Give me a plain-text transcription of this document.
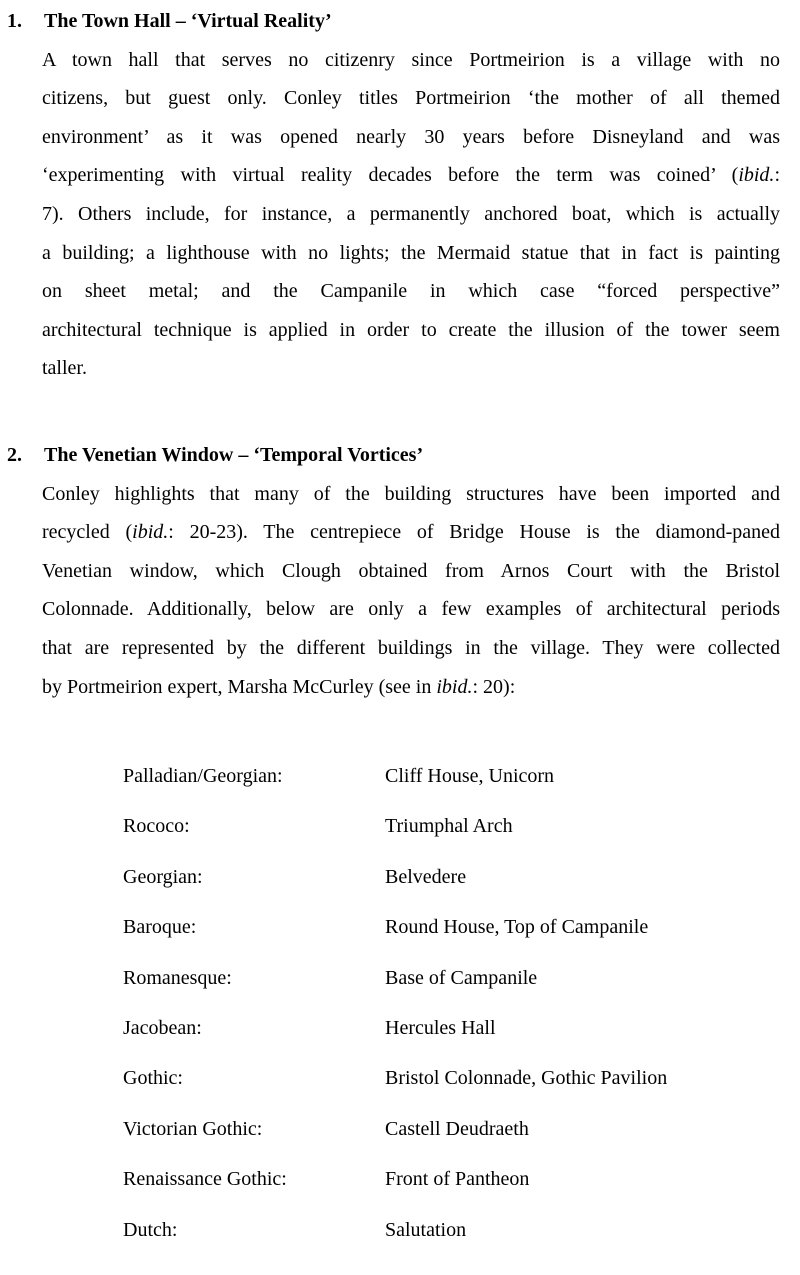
1. The Town Hall – ‘Virtual Reality’
A town hall that serves no citizenry since Portmeirion is a village with no
citizens, but guest only. Conley titles Portmeirion ‘the mother of all themed
environment’ as it was opened nearly 30 years before Disneyland and was
‘experimenting with virtual reality decades before the term was coined’ (ibid.:
7). Others include, for instance, a permanently anchored boat, which is actually
a building; a lighthouse with no lights; the Mermaid statue that in fact is painting
on sheet metal; and the Campanile in which case “forced perspective”
architectural technique is applied in order to create the illusion of the tower seem
taller.
2. The Venetian Window – ‘Temporal Vortices’
Conley highlights that many of the building structures have been imported and
recycled (ibid.: 20-23). The centrepiece of Bridge House is the diamond-paned
Venetian window, which Clough obtained from Arnos Court with the Bristol
Colonnade. Additionally, below are only a few examples of architectural periods
that are represented by the different buildings in the village. They were collected
by Portmeirion expert, Marsha McCurley (see in ibid.: 20):
Palladian/Georgian:	Cliff House, Unicorn
Rococo:	Triumphal Arch
Georgian:	Belvedere
Baroque:	Round House, Top of Campanile
Romanesque:	Base of Campanile
Jacobean:	Hercules Hall
Gothic:	Bristol Colonnade, Gothic Pavilion
Victorian Gothic:	Castell Deudraeth
Renaissance Gothic:	Front of Pantheon
Dutch:	Salutation
